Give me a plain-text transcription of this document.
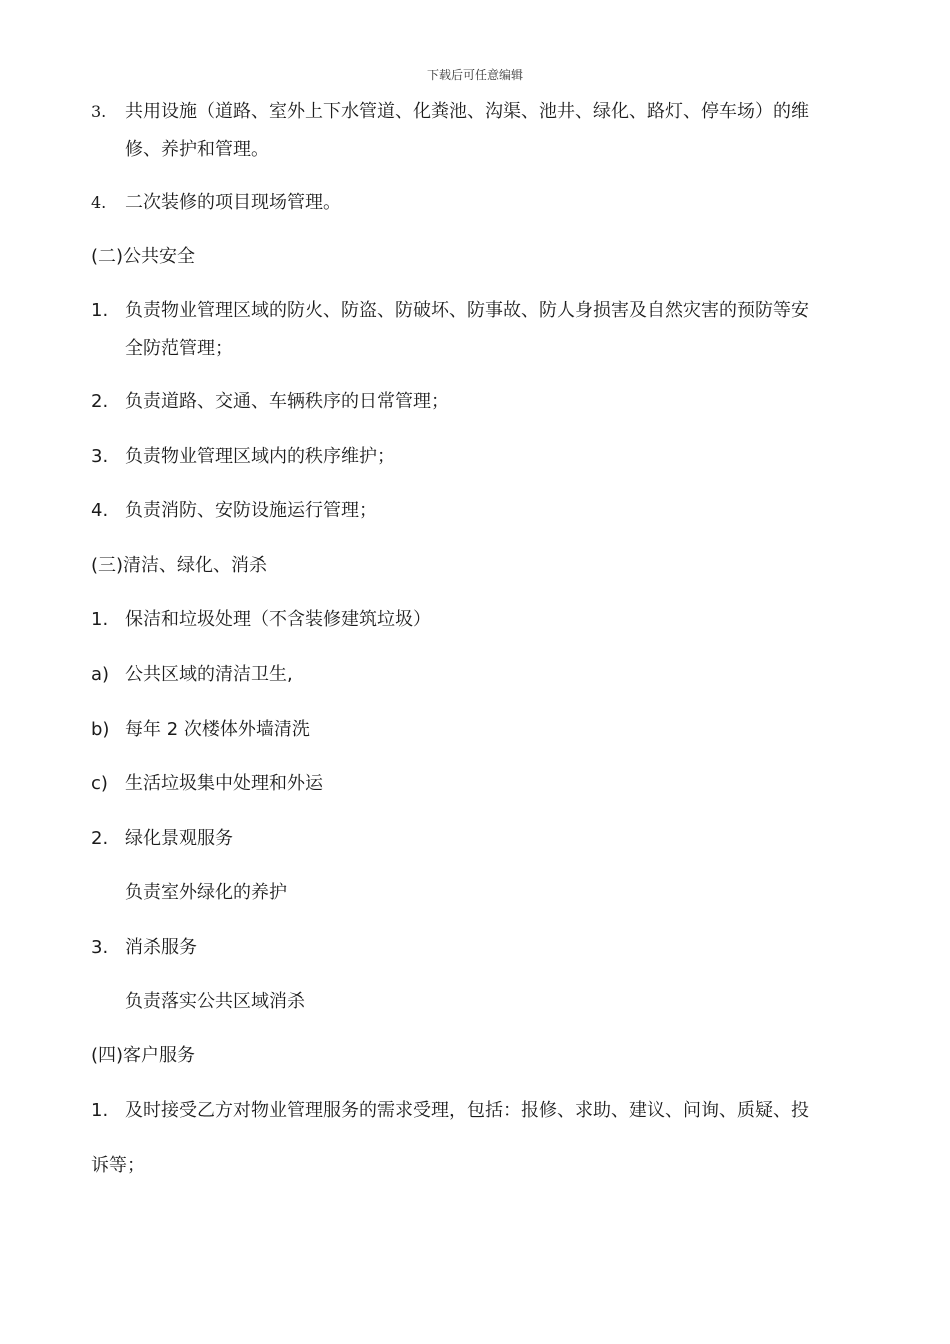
下载后可任意编辑
3. 共用设施（道路、室外上下水管道、化粪池、沟渠、池井、绿化、路灯、停车场）的维
修、养护和管理。
4. 二次装修的项目现场管理。
(二)公共安全
1. 负责物业管理区域的防火、防盗、防破坏、防事故、防人身损害及自然灾害的预防等安
全防范管理；
2. 负责道路、交通、车辆秩序的日常管理；
3. 负责物业管理区域内的秩序维护；
4. 负责消防、安防设施运行管理；
(三)清洁、绿化、消杀
1. 保洁和垃圾处理（不含装修建筑垃圾）
a) 公共区域的清洁卫生,
b) 每年 2 次楼体外墙清洗
c) 生活垃圾集中处理和外运
2. 绿化景观服务
负责室外绿化的养护
3. 消杀服务
负责落实公共区域消杀
(四)客户服务
1. 及时接受乙方对物业管理服务的需求受理，包括：报修、求助、建议、问询、质疑、投
诉等；
